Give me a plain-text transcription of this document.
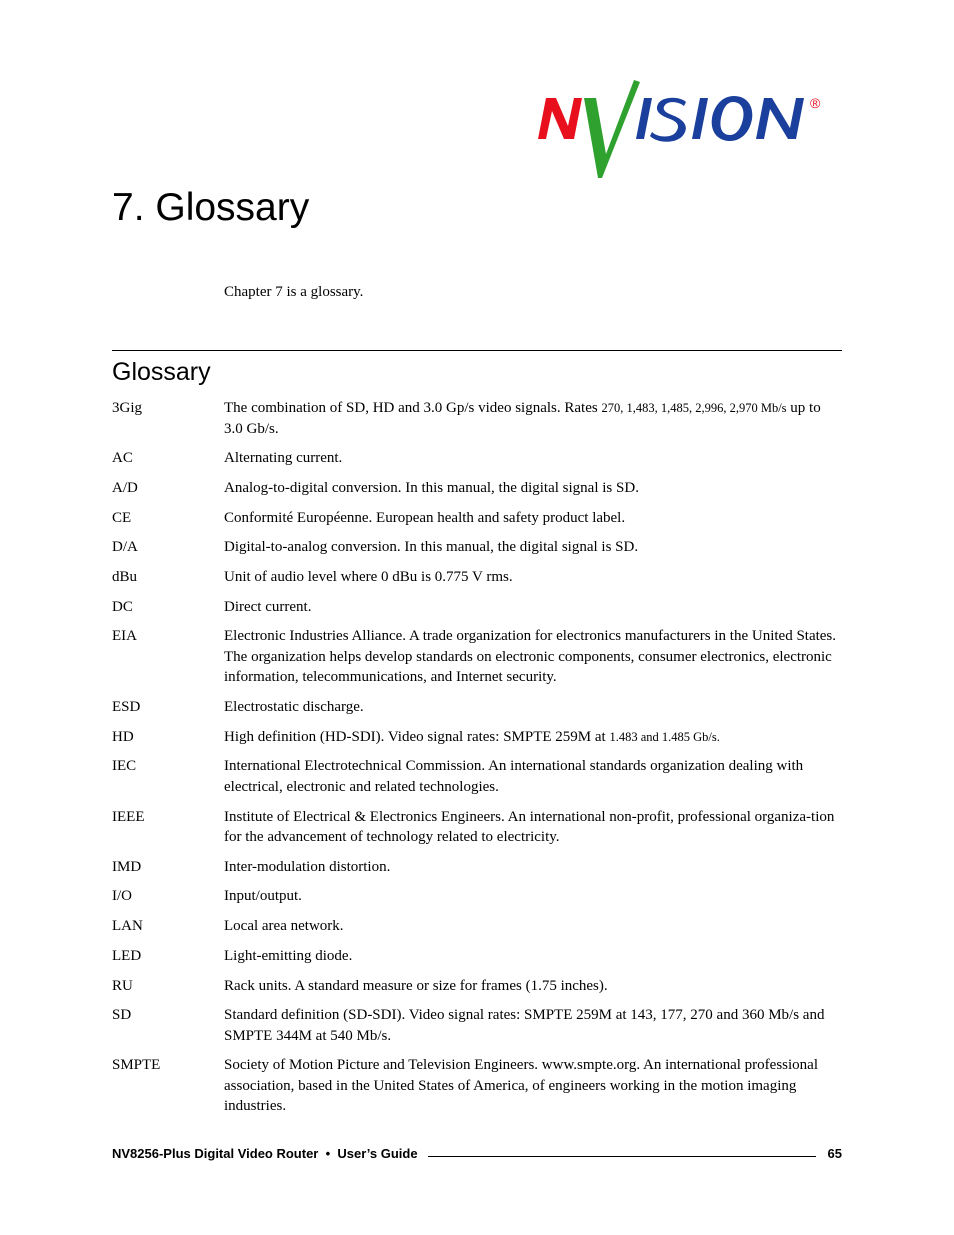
®
7. Glossary
Chapter 7 is a glossary.
Glossary
3Gig	The combination of SD, HD and 3.0 Gp/s video signals. Rates 270, 1,483, 1,485, 2,996, 2,970 Mb/s up to 3.0 Gb/s.
AC	Alternating current.
A/D	Analog-to-digital conversion. In this manual, the digital signal is SD.
CE	Conformité Européenne. European health and safety product label.
D/A	Digital-to-analog conversion. In this manual, the digital signal is SD.
dBu	Unit of audio level where 0 dBu is 0.775 V rms.
DC	Direct current.
EIA	Electronic Industries Alliance. A trade organization for electronics manufacturers in the United States. The organization helps develop standards on electronic components, consumer electronics, electronic information, telecommunications, and Internet security.
ESD	Electrostatic discharge.
HD	High definition (HD-SDI). Video signal rates: SMPTE 259M at 1.483 and 1.485 Gb/s.
IEC	International Electrotechnical Commission. An international standards organization dealing with electrical, electronic and related technologies.
IEEE	Institute of Electrical & Electronics Engineers. An international non-profit, professional organiza-tion for the advancement of technology related to electricity.
IMD	Inter-modulation distortion.
I/O	Input/output.
LAN	Local area network.
LED	Light-emitting diode.
RU	Rack units. A standard measure or size for frames (1.75 inches).
SD	Standard definition (SD-SDI). Video signal rates: SMPTE 259M at 143, 177, 270 and 360 Mb/s and SMPTE 344M at 540 Mb/s.
SMPTE	Society of Motion Picture and Television Engineers. www.smpte.org. An international professional association, based in the United States of America, of engineers working in the motion imaging industries.
NV8256-Plus Digital Video Router  •  User’s Guide	65
